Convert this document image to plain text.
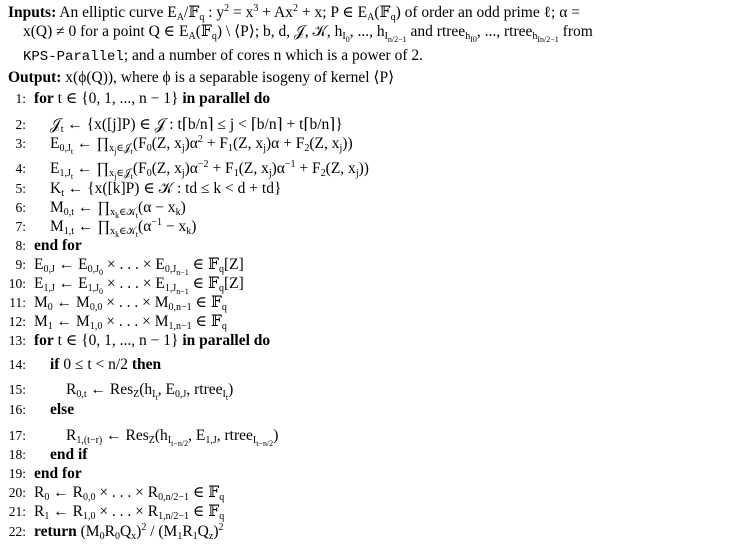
Inputs: An elliptic curve $E_A/𝔽_q$ : $y^2 = x^3 + Ax^2 + x$; P ∈ $E_A(𝔽_q)$ of order an odd prime ℓ; α =
x(Q) ≠ 0 for a point Q ∈ $E_A(𝔽_q)$ \ ⟨P⟩; b, d, 𝒥, 𝒦, $h_{I_0}$, ..., $h_{I_{n/2-1}}$ and rtree$_{h_{I0}}$, ..., rtree$_{h_{In/2-1}}$ from
KPS-Parallel; and a number of cores n which is a power of 2.
Output: x(ϕ(Q)), where ϕ is a separable isogeny of kernel ⟨P⟩
1: for t ∈ {0, 1, ..., n − 1} in parallel do
2: 𝒥$_t$ ← {x([j]P) ∈ 𝒥 : t⌈b/n⌉ ≤ j < ⌈b/n⌉ + t⌈b/n⌉}
3: $E_{0,J_t}$ ← $\prod_{x_j\in 𝒥_t}(F_0(Z$, $x_j)\alpha^2 + F_1(Z$, $x_j)\alpha + F_2(Z$, $x_j$))
4: $E_{1,J_t}$ ← $\prod_{x_j\in 𝒥_t}(F_0(Z$, $x_j)\alpha^{-2} + F_1(Z$, $x_j)\alpha^{-1} + F_2(Z$, $x_j$))
5: $K_t$ ← {x([k]P) ∈ 𝒦 : td ≤ k < d + td}
6: $M_{0,t}$ ← $\prod_{x_k\in 𝒦_t}(\alpha - x_k)$
7: $M_{1,t}$ ← $\prod_{x_k\in 𝒦_t}(\alpha^{-1} - x_k)$
8: end for
9: $E_{0,J}$ ← $E_{0,J_0}$ × . . . × $E_{0,J_{n-1}}$ ∈ 𝔽$_q$[Z]
10: $E_{1,J}$ ← $E_{1,J_0}$ × . . . × $E_{1,J_{n-1}}$ ∈ 𝔽$_q$[Z]
11: $M_0$ ← $M_{0,0}$ × . . . × $M_{0,n-1}$ ∈ 𝔽$_q$
12: $M_1$ ← $M_{1,0}$ × . . . × $M_{1,n-1}$ ∈ 𝔽$_q$
13: for t ∈ {0, 1, ..., n − 1} in parallel do
14: if 0 ≤ t < n/2 then
15:	$R_{0,t}$ ← $Res_Z(h_{I_t}$, $E_{0,J}$, rtree$_{I_t}$)
16: else
17:	$R_{1,(t-r)}$ ← $Res_Z(h_{I_{t-n/2}}$, $E_{1,J}$, rtree$_{I_{t-n/2}}$)
18: end if
19: end for
20: $R_0$ ← $R_{0,0}$ × . . . × $R_{0,n/2-1}$ ∈ 𝔽$_q$
21: $R_1$ ← $R_{1,0}$ × . . . × $R_{1,n/2-1}$ ∈ 𝔽$_q$
22: return $(M_0R_0Q_x)^2 / (M_1R_1Q_z)^2$
